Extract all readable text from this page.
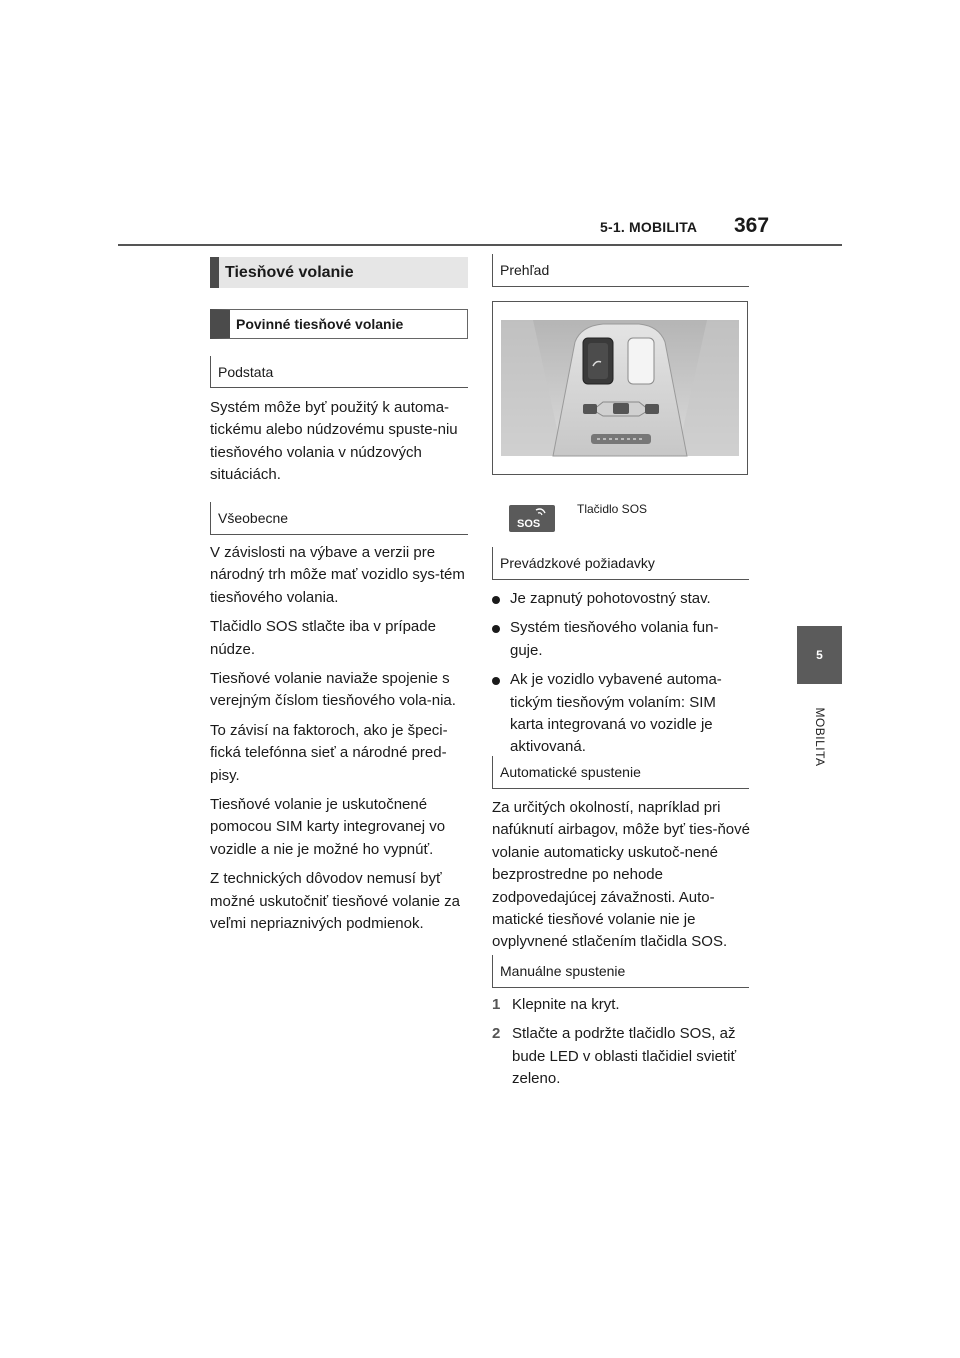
5-1. MOBILITA 367
5
MOBILITA
Tiesňové volanie
Povinné tiesňové volanie
Podstata

Systém môže byť použitý k automa-tickému alebo núdzovému spuste-niu tiesňového volania v núdzových situáciách.

Všeobecne

V závislosti na výbave a verzii pre národný trh môže mať vozidlo sys-tém tiesňového volania.

Tlačidlo SOS stlačte iba v prípade núdze.

Tiesňové volanie naviaže spojenie s verejným číslom tiesňového vola-nia.

To závisí na faktoroch, ako je špeci-fická telefónna sieť a národné pred-pisy.

Tiesňové volanie je uskutočnené pomocou SIM karty integrovanej vo vozidle a nie je možné ho vypnúť.

Z technických dôvodov nemusí byť možné uskutočniť tiesňové volanie za veľmi nepriaznivých podmienok.

Prehľad
SOS
Tlačidlo SOS
Prevádzkové požiadavky
Je zapnutý pohotovostný stav.
Systém tiesňového volania fun-guje.
Ak je vozidlo vybavené automa-tickým tiesňovým volaním: SIM karta integrovaná vo vozidle je aktivovaná.
Automatické spustenie

Za určitých okolností, napríklad pri nafúknutí airbagov, môže byť ties-ňové volanie automaticky uskutoč-nené bezprostredne po nehode zodpovedajúcej závažnosti. Auto-matické tiesňové volanie nie je ovplyvnené stlačením tlačidla SOS.

Manuálne spustenie
1 Klepnite na kryt.
2 Stlačte a podržte tlačidlo SOS, až bude LED v oblasti tlačidiel svietiť zeleno.
